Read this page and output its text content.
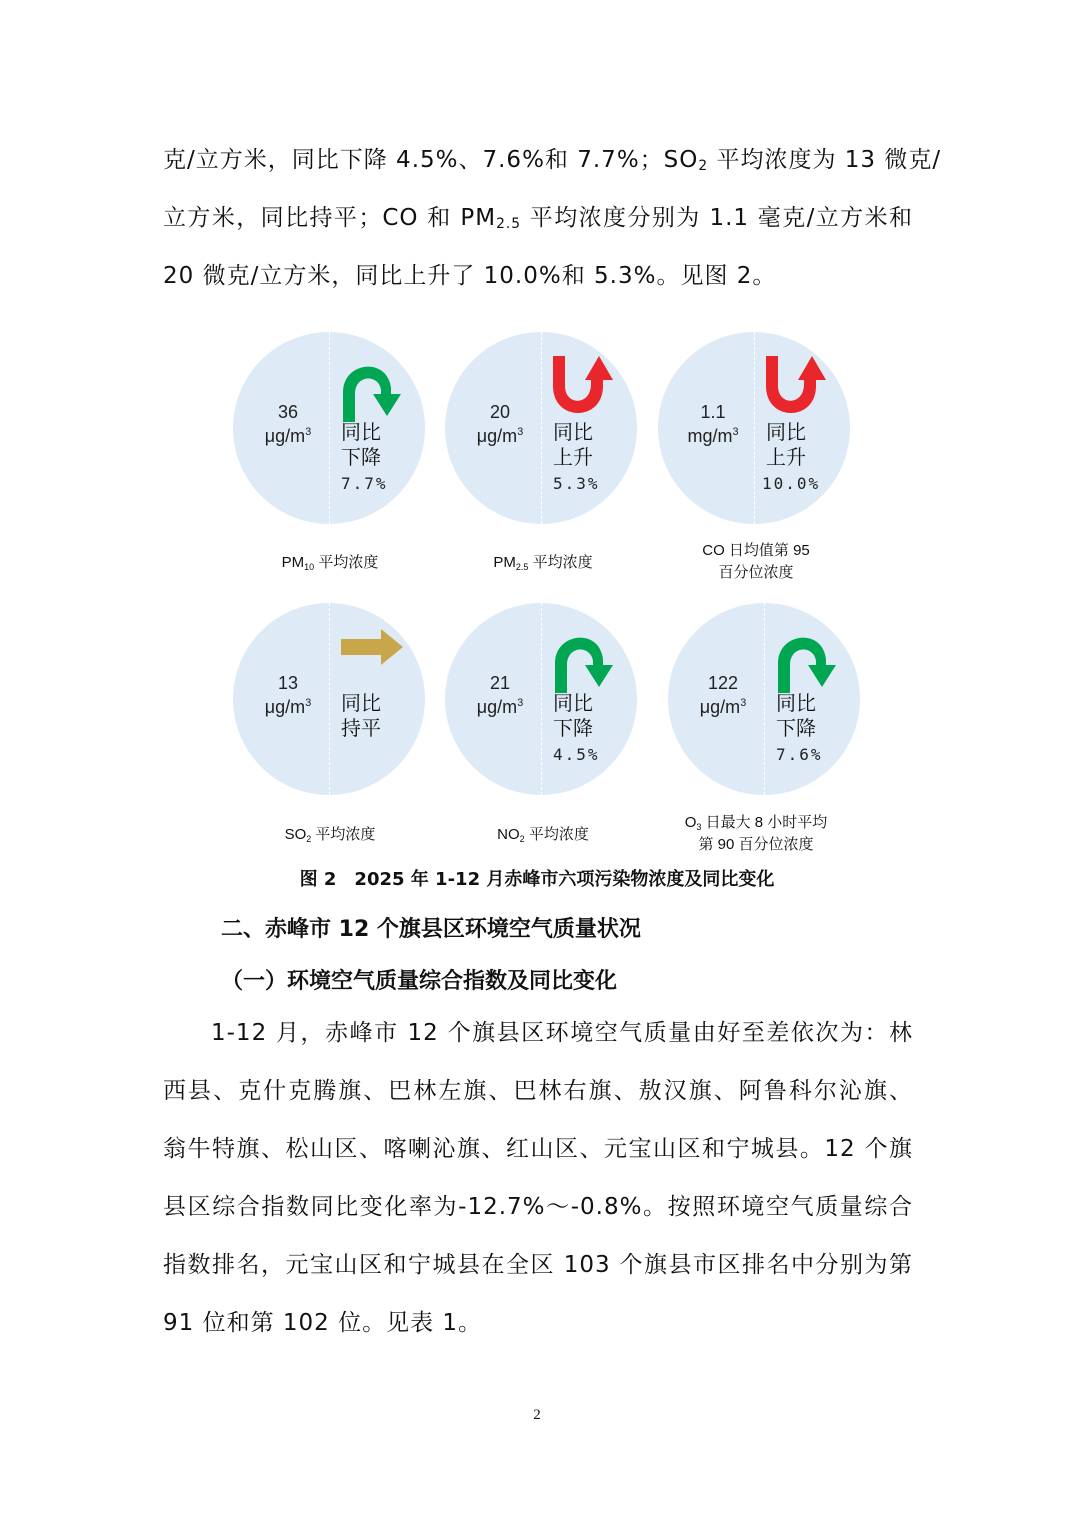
克/立方米，同比下降 4.5%、7.6%和 7.7%；$SO_2$ 平均浓度为 13 微克/
立方米，同比持平；CO 和 $PM_{2.5}$ 平均浓度分别为 1.1 毫克/立方米和
20 微克/立方米，同比上升了 10.0%和 5.3%。见图 2。
36
$\mu g/m^3$	同比
下降
7.7%
$PM_{10}$ 平均浓度
20
$\mu g/m^3$	同比
上升
5.3%
$PM_{2.5}$ 平均浓度
1.1
$mg/m^3$	同比
上升
10.0%
CO 日均值第 95
百分位浓度
13
$\mu g/m^3$	同比
持平
$SO_2$ 平均浓度
21
$\mu g/m^3$	同比
下降
4.5%
$NO_2$ 平均浓度
122
$\mu g/m^3$	同比
下降
7.6%
$O_3$ 日最大 8 小时平均
第 90 百分位浓度
图 2　2025 年 1-12 月赤峰市六项污染物浓度及同比变化
二、赤峰市 12 个旗县区环境空气质量状况
（一）环境空气质量综合指数及同比变化
1-12 月，赤峰市 12 个旗县区环境空气质量由好至差依次为：林
西县、克什克腾旗、巴林左旗、巴林右旗、敖汉旗、阿鲁科尔沁旗、
翁牛特旗、松山区、喀喇沁旗、红山区、元宝山区和宁城县。12 个旗
县区综合指数同比变化率为-12.7%～-0.8%。按照环境空气质量综合
指数排名，元宝山区和宁城县在全区 103 个旗县市区排名中分别为第
91 位和第 102 位。见表 1。
2
